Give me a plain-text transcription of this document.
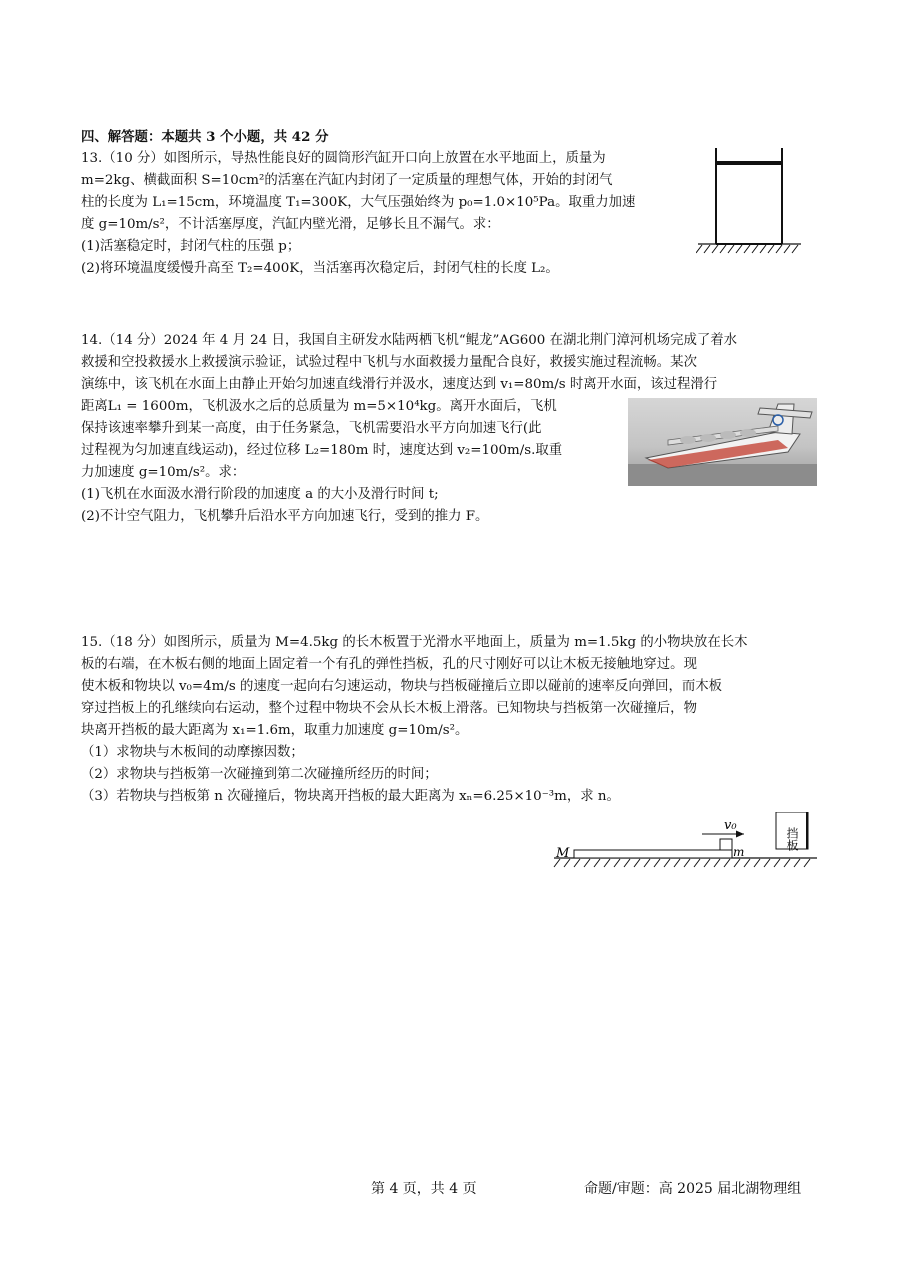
四、解答题：本题共 3 个小题，共 42 分
13.（10 分）如图所示，导热性能良好的圆筒形汽缸开口向上放置在水平地面上，质量为
m=2kg、横截面积 S=10cm²的活塞在汽缸内封闭了一定质量的理想气体，开始的封闭气
柱的长度为 L₁=15cm，环境温度 T₁=300K，大气压强始终为 p₀=1.0×10⁵Pa。取重力加速
度 g=10m/s²，不计活塞厚度，汽缸内壁光滑，足够长且不漏气。求：
(1)活塞稳定时，封闭气柱的压强 p；
(2)将环境温度缓慢升高至 T₂=400K，当活塞再次稳定后，封闭气柱的长度 L₂。
14.（14 分）2024 年 4 月 24 日，我国自主研发水陆两栖飞机“鲲龙”AG600 在湖北荆门漳河机场完成了着水
救援和空投救援水上救援演示验证，试验过程中飞机与水面救援力量配合良好，救援实施过程流畅。某次
演练中，该飞机在水面上由静止开始匀加速直线滑行并汲水，速度达到 v₁=80m/s 时离开水面，该过程滑行
距离L₁ = 1600m，飞机汲水之后的总质量为 m=5×10⁴kg。离开水面后，飞机
保持该速率攀升到某一高度，由于任务紧急，飞机需要沿水平方向加速飞行(此
过程视为匀加速直线运动)，经过位移 L₂=180m 时，速度达到 v₂=100m/s.取重
力加速度 g=10m/s²。求：
(1)飞机在水面汲水滑行阶段的加速度 a 的大小及滑行时间 t;
(2)不计空气阻力，飞机攀升后沿水平方向加速飞行，受到的推力 F。
15.（18 分）如图所示，质量为 M=4.5kg 的长木板置于光滑水平地面上，质量为 m=1.5kg 的小物块放在长木
板的右端，在木板右侧的地面上固定着一个有孔的弹性挡板，孔的尺寸刚好可以让木板无接触地穿过。现
使木板和物块以 v₀=4m/s 的速度一起向右匀速运动，物块与挡板碰撞后立即以碰前的速率反向弹回，而木板
穿过挡板上的孔继续向右运动，整个过程中物块不会从长木板上滑落。已知物块与挡板第一次碰撞后，物
块离开挡板的最大距离为 x₁=1.6m，取重力加速度 g=10m/s²。
（1）求物块与木板间的动摩擦因数；
（2）求物块与挡板第一次碰撞到第二次碰撞所经历的时间；
（3）若物块与挡板第 n 次碰撞后，物块离开挡板的最大距离为 xₙ=6.25×10⁻³m，求 n。
v₀
M	m
挡板
第 4 页，共 4 页	命题/审题：高 2025 届北湖物理组
